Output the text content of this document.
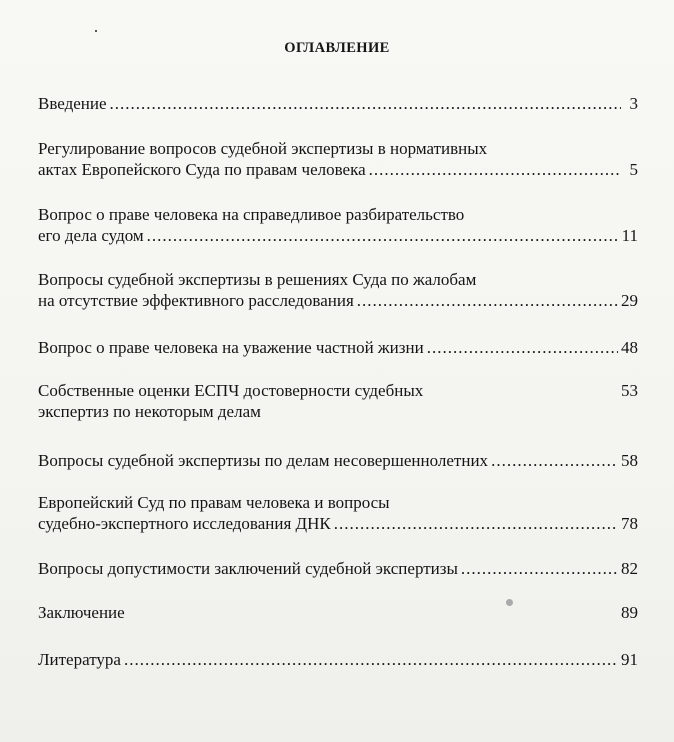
ОГЛАВЛЕНИЕ
Введение .....	3
Регулирование вопросов судебной экспертизы в нормативных
актах Европейского Суда по правам человека .....	5
Вопрос о праве человека на справедливое разбирательство
его дела судом .....	11
Вопросы судебной экспертизы в решениях Суда по жалобам
на отсутствие эффективного расследования .....	29
Вопрос о праве человека на уважение частной жизни .....	48
Собственные оценки ЕСПЧ достоверности судебных	53
экспертиз по некоторым делам
Вопросы судебной экспертизы по делам несовершеннолетних .....	58
Европейский Суд по правам человека и вопросы
судебно-экспертного исследования ДНК .....	78
Вопросы допустимости заключений судебной экспертизы .....	82
Заключение	89
Литература .....	91
